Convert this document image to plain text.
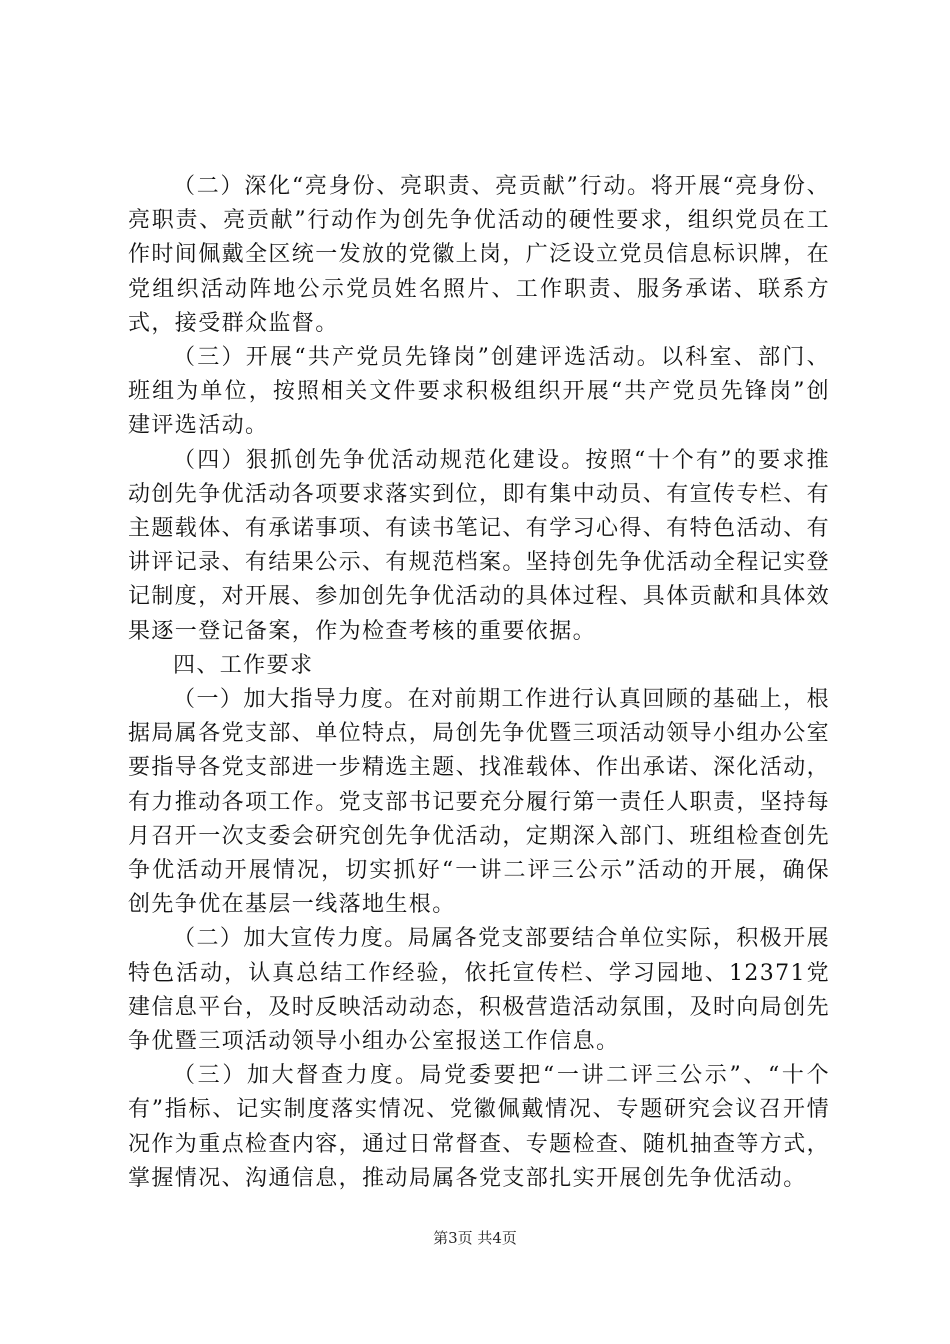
（二）深化“亮身份、亮职责、亮贡献”行动。将开展“亮身份、亮职责、亮贡献”行动作为创先争优活动的硬性要求，组织党员在工作时间佩戴全区统一发放的党徽上岗，广泛设立党员信息标识牌，在党组织活动阵地公示党员姓名照片、工作职责、服务承诺、联系方式，接受群众监督。

（三）开展“共产党员先锋岗”创建评选活动。以科室、部门、班组为单位，按照相关文件要求积极组织开展“共产党员先锋岗”创建评选活动。

（四）狠抓创先争优活动规范化建设。按照“十个有”的要求推动创先争优活动各项要求落实到位，即有集中动员、有宣传专栏、有主题载体、有承诺事项、有读书笔记、有学习心得、有特色活动、有讲评记录、有结果公示、有规范档案。坚持创先争优活动全程记实登记制度，对开展、参加创先争优活动的具体过程、具体贡献和具体效果逐一登记备案，作为检查考核的重要依据。

四、工作要求

（一）加大指导力度。在对前期工作进行认真回顾的基础上，根据局属各党支部、单位特点，局创先争优暨三项活动领导小组办公室要指导各党支部进一步精选主题、找准载体、作出承诺、深化活动，有力推动各项工作。党支部书记要充分履行第一责任人职责，坚持每月召开一次支委会研究创先争优活动，定期深入部门、班组检查创先争优活动开展情况，切实抓好“一讲二评三公示”活动的开展，确保创先争优在基层一线落地生根。

（二）加大宣传力度。局属各党支部要结合单位实际，积极开展特色活动，认真总结工作经验，依托宣传栏、学习园地、12371党建信息平台，及时反映活动动态，积极营造活动氛围，及时向局创先争优暨三项活动领导小组办公室报送工作信息。

（三）加大督查力度。局党委要把“一讲二评三公示”、“十个有”指标、记实制度落实情况、党徽佩戴情况、专题研究会议召开情况作为重点检查内容，通过日常督查、专题检查、随机抽查等方式，掌握情况、沟通信息，推动局属各党支部扎实开展创先争优活动。

第3页 共4页
